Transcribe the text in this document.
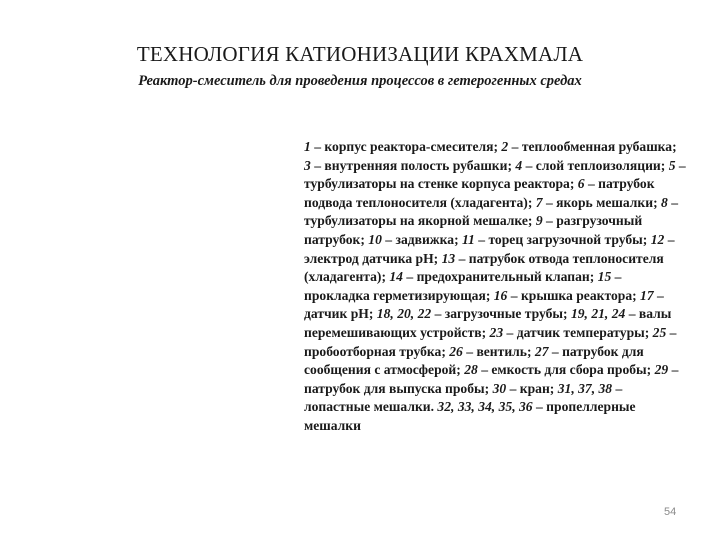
ТЕХНОЛОГИЯ КАТИОНИЗАЦИИ КРАХМАЛА
Реактор-смеситель для проведения процессов в гетерогенных средах

1 – корпус реактора-смесителя; 2 – теплообменная рубашка; 3 – внутренняя полость рубашки; 4 – слой теплоизоляции; 5 – турбулизаторы на стенке корпуса реактора; 6 – патрубок подвода теплоносителя (хладагента); 7 – якорь мешалки; 8 – турбулизаторы на якорной мешалке; 9 – разгрузочный патрубок; 10 – задвижка; 11 – торец загрузочной трубы; 12 – электрод датчика pH; 13 – патрубок отвода теплоносителя (хладагента); 14 – предохранительный клапан; 15 – прокладка герметизирующая; 16 – крышка реактора; 17 – датчик pH; 18, 20, 22 – загрузочные трубы; 19, 21, 24 – валы перемешивающих устройств; 23 – датчик температуры; 25 – пробоотборная трубка; 26 – вентиль; 27 – патрубок для сообщения с атмосферой; 28 – емкость для сбора пробы; 29 – патрубок для выпуска пробы; 30 – кран; 31, 37, 38 – лопастные мешалки. 32, 33, 34, 35, 36 – пропеллерные мешалки

54
